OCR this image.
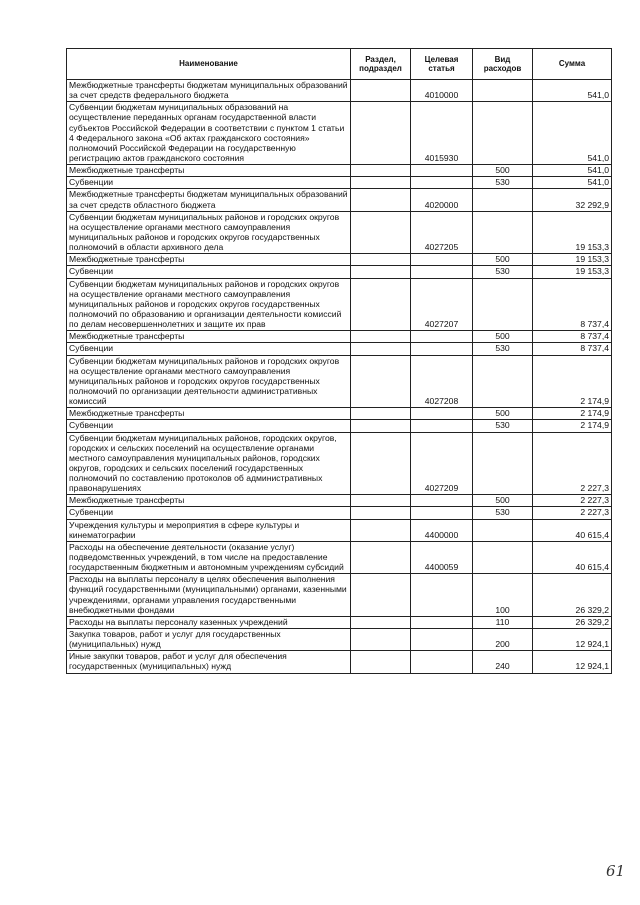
Наименование	Раздел, подраздел	Целевая статья	Вид расходов	Сумма
Межбюджетные трансферты бюджетам муниципальных образований за счет средств федерального бюджета		4010000		541,0
Субвенции бюджетам муниципальных образований на осуществление переданных органам государственной власти субъектов Российской Федерации в соответствии с пунктом 1 статьи 4 Федерального закона «Об актах гражданского состояния» полномочий Российской Федерации на государственную регистрацию актов гражданского состояния		4015930		541,0
Межбюджетные трансферты			500	541,0
Субвенции			530	541,0
Межбюджетные трансферты бюджетам муниципальных образований за счет средств областного бюджета		4020000		32 292,9
Субвенции бюджетам муниципальных районов и городских округов на осуществление органами местного самоуправления муниципальных районов и городских округов государственных полномочий в области архивного дела		4027205		19 153,3
Межбюджетные трансферты			500	19 153,3
Субвенции			530	19 153,3
Субвенции бюджетам муниципальных районов и городских округов на осуществление органами местного самоуправления муниципальных районов и городских округов государственных полномочий по образованию и организации деятельности комиссий по делам несовершеннолетних и защите их прав		4027207		8 737,4
Межбюджетные трансферты			500	8 737,4
Субвенции			530	8 737,4
Субвенции бюджетам муниципальных районов и городских округов на осуществление органами местного самоуправления муниципальных районов и городских округов государственных полномочий по организации деятельности административных комиссий		4027208		2 174,9
Межбюджетные трансферты			500	2 174,9
Субвенции			530	2 174,9
Субвенции бюджетам муниципальных районов, городских округов, городских и сельских поселений на осуществление органами местного самоуправления муниципальных районов, городских округов, городских и сельских поселений государственных полномочий по составлению протоколов об административных правонарушениях		4027209		2 227,3
Межбюджетные трансферты			500	2 227,3
Субвенции			530	2 227,3
Учреждения культуры и мероприятия в сфере культуры и кинематографии		4400000		40 615,4
Расходы на обеспечение деятельности (оказание услуг) подведомственных учреждений, в том числе на предоставление государственным бюджетным и автономным учреждениям субсидий		4400059		40 615,4
Расходы на выплаты персоналу в целях обеспечения выполнения функций государственными (муниципальными) органами, казенными учреждениями, органами управления государственными внебюджетными фондами			100	26 329,2
Расходы на выплаты персоналу казенных учреждений			110	26 329,2
Закупка товаров, работ и услуг для государственных (муниципальных) нужд			200	12 924,1
Иные закупки товаров, работ и услуг для обеспечения государственных (муниципальных) нужд			240	12 924,1
61
